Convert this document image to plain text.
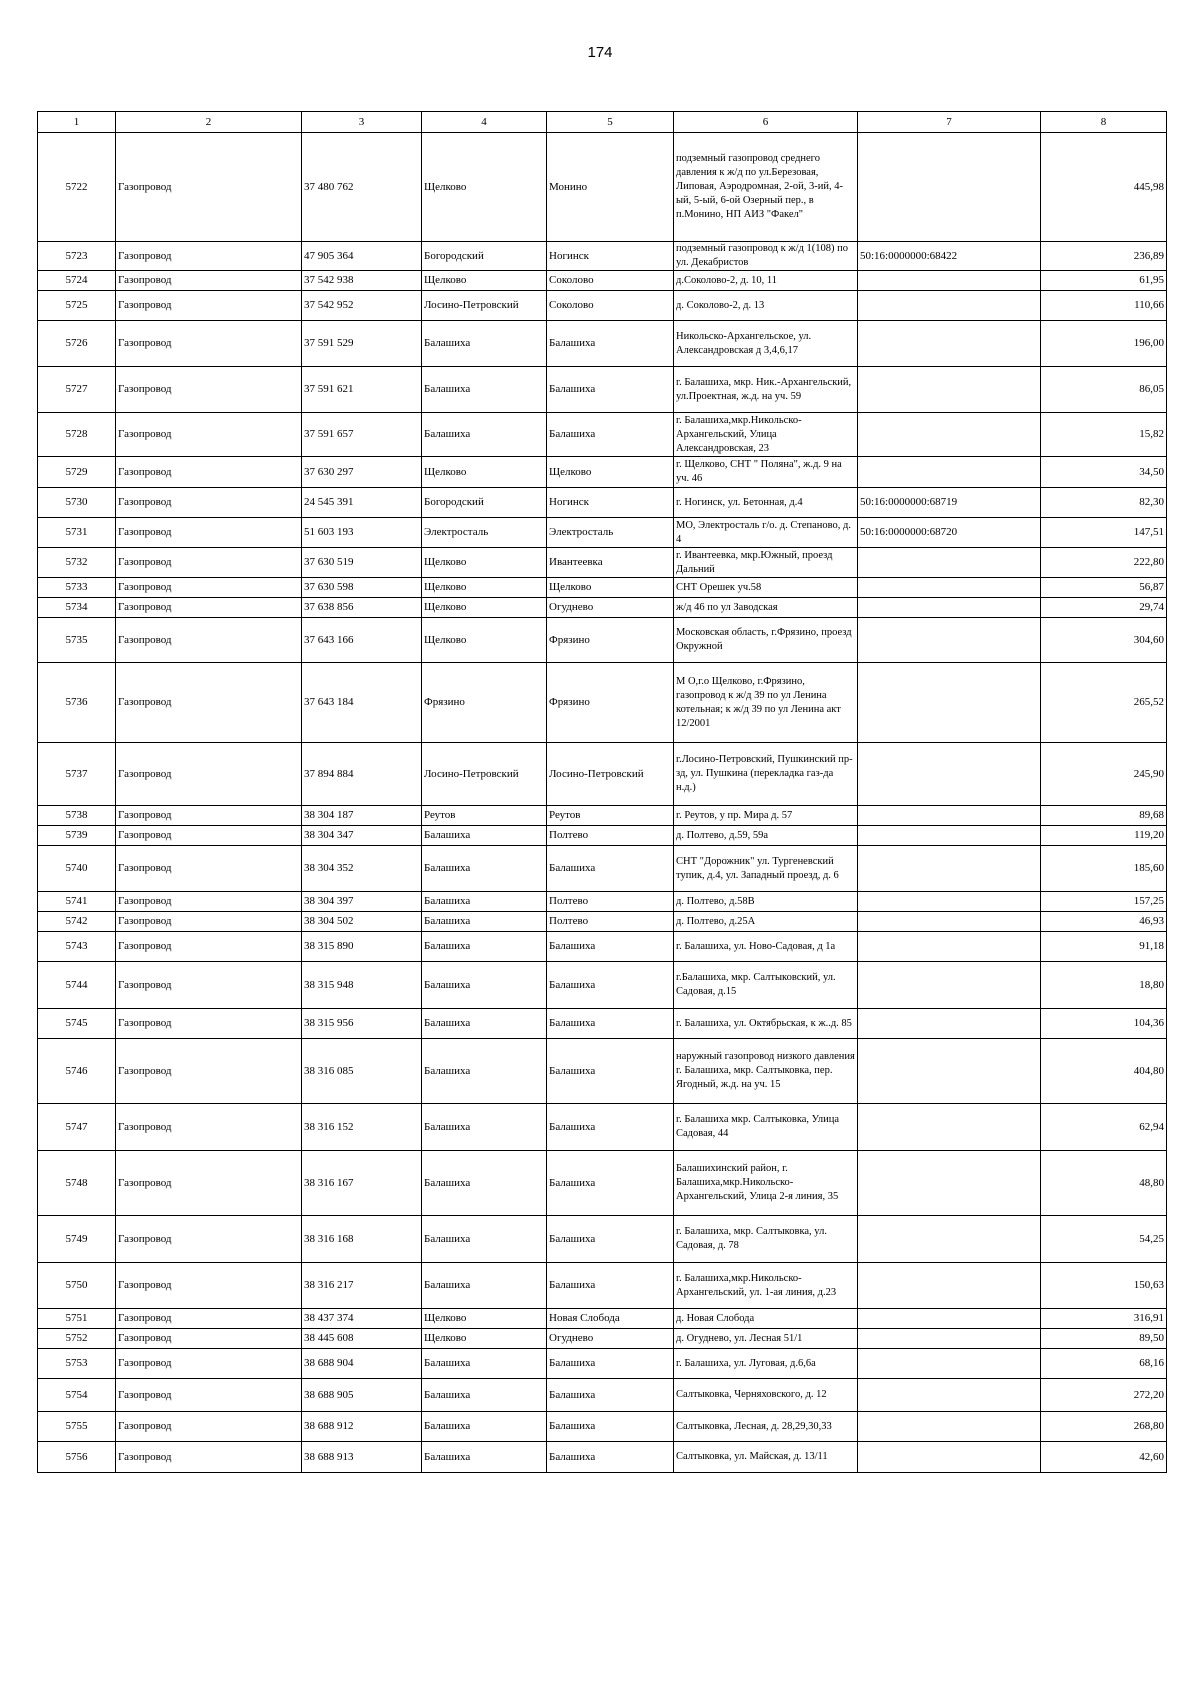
174
1	2	3	4	5	6	7	8
5722	Газопровод	37 480 762	Щелково	Монино	подземный газопровод среднего давления к ж/д по ул.Березовая, Липовая, Аэродромная, 2-ой, 3-ий, 4-ый, 5-ый, 6-ой Озерный пер., в п.Монино, НП АИЗ "Факел"		445,98
5723	Газопровод	47 905 364	Богородский	Ногинск	подземный газопровод к ж/д 1(108) по ул. Декабристов	50:16:0000000:68422	236,89
5724	Газопровод	37 542 938	Щелково	Соколово	д.Соколово-2, д. 10, 11		61,95
5725	Газопровод	37 542 952	Лосино-Петровский	Соколово	д. Соколово-2, д. 13		110,66
5726	Газопровод	37 591 529	Балашиха	Балашиха	Никольско-Архангельское, ул. Александровская д 3,4,6,17		196,00
5727	Газопровод	37 591 621	Балашиха	Балашиха	г. Балашиха, мкр. Ник.-Архангельский, ул.Проектная, ж.д. на уч. 59		86,05
5728	Газопровод	37 591 657	Балашиха	Балашиха	г. Балашиха,мкр.Никольско-Архангельский, Улица Александровская, 23		15,82
5729	Газопровод	37 630 297	Щелково	Щелково	г. Щелково, СНТ " Поляна", ж.д. 9 на уч. 46		34,50
5730	Газопровод	24 545 391	Богородский	Ногинск	г. Ногинск, ул. Бетонная, д.4	50:16:0000000:68719	82,30
5731	Газопровод	51 603 193	Электросталь	Электросталь	МО, Электросталь г/о. д. Степаново, д. 4	50:16:0000000:68720	147,51
5732	Газопровод	37 630 519	Щелково	Ивантеевка	г. Ивантеевка, мкр.Южный, проезд Дальний		222,80
5733	Газопровод	37 630 598	Щелково	Щелково	СНТ Орешек уч.58		56,87
5734	Газопровод	37 638 856	Щелково	Огуднево	ж/д 46 по ул Заводская		29,74
5735	Газопровод	37 643 166	Щелково	Фрязино	Московская область, г.Фрязино, проезд Окружной		304,60
5736	Газопровод	37 643 184	Фрязино	Фрязино	М О,г.о Щелково, г.Фрязино, газопровод к ж/д 39 по ул Ленина котельная; к ж/д 39 по ул Ленина акт 12/2001		265,52
5737	Газопровод	37 894 884	Лосино-Петровский	Лосино-Петровский	г.Лосино-Петровский, Пушкинский пр-зд, ул. Пушкина (перекладка газ-да н.д.)		245,90
5738	Газопровод	38 304 187	Реутов	Реутов	г. Реутов, у пр. Мира д. 57		89,68
5739	Газопровод	38 304 347	Балашиха	Полтево	д. Полтево, д.59, 59а		119,20
5740	Газопровод	38 304 352	Балашиха	Балашиха	СНТ "Дорожник" ул. Тургеневский тупик, д.4, ул. Западный проезд, д. 6		185,60
5741	Газопровод	38 304 397	Балашиха	Полтево	д. Полтево, д.58В		157,25
5742	Газопровод	38 304 502	Балашиха	Полтево	д. Полтево, д.25А		46,93
5743	Газопровод	38 315 890	Балашиха	Балашиха	г. Балашиха, ул. Ново-Садовая, д 1а		91,18
5744	Газопровод	38 315 948	Балашиха	Балашиха	г.Балашиха, мкр. Салтыковский, ул. Садовая, д.15		18,80
5745	Газопровод	38 315 956	Балашиха	Балашиха	г. Балашиха, ул. Октябрьская, к ж..д. 85		104,36
5746	Газопровод	38 316 085	Балашиха	Балашиха	наружный газопровод низкого давления г. Балашиха, мкр. Салтыковка, пер. Ягодный, ж.д. на уч. 15		404,80
5747	Газопровод	38 316 152	Балашиха	Балашиха	г. Балашиха мкр. Салтыковка, Улица Садовая, 44		62,94
5748	Газопровод	38 316 167	Балашиха	Балашиха	Балашихинский район, г. Балашиха,мкр.Никольско-Архангельский, Улица 2-я линия, 35		48,80
5749	Газопровод	38 316 168	Балашиха	Балашиха	г. Балашиха, мкр. Салтыковка, ул. Садовая, д. 78		54,25
5750	Газопровод	38 316 217	Балашиха	Балашиха	г. Балашиха,мкр.Никольско-Архангельский, ул. 1-ая линия, д.23		150,63
5751	Газопровод	38 437 374	Щелково	Новая Слобода	д. Новая Слобода		316,91
5752	Газопровод	38 445 608	Щелково	Огуднево	д. Огуднево, ул. Лесная 51/1		89,50
5753	Газопровод	38 688 904	Балашиха	Балашиха	г. Балашиха, ул. Луговая, д.6,6а		68,16
5754	Газопровод	38 688 905	Балашиха	Балашиха	Салтыковка, Черняховского, д. 12		272,20
5755	Газопровод	38 688 912	Балашиха	Балашиха	Салтыковка, Лесная, д. 28,29,30,33		268,80
5756	Газопровод	38 688 913	Балашиха	Балашиха	Салтыковка, ул. Майская, д. 13/11		42,60
